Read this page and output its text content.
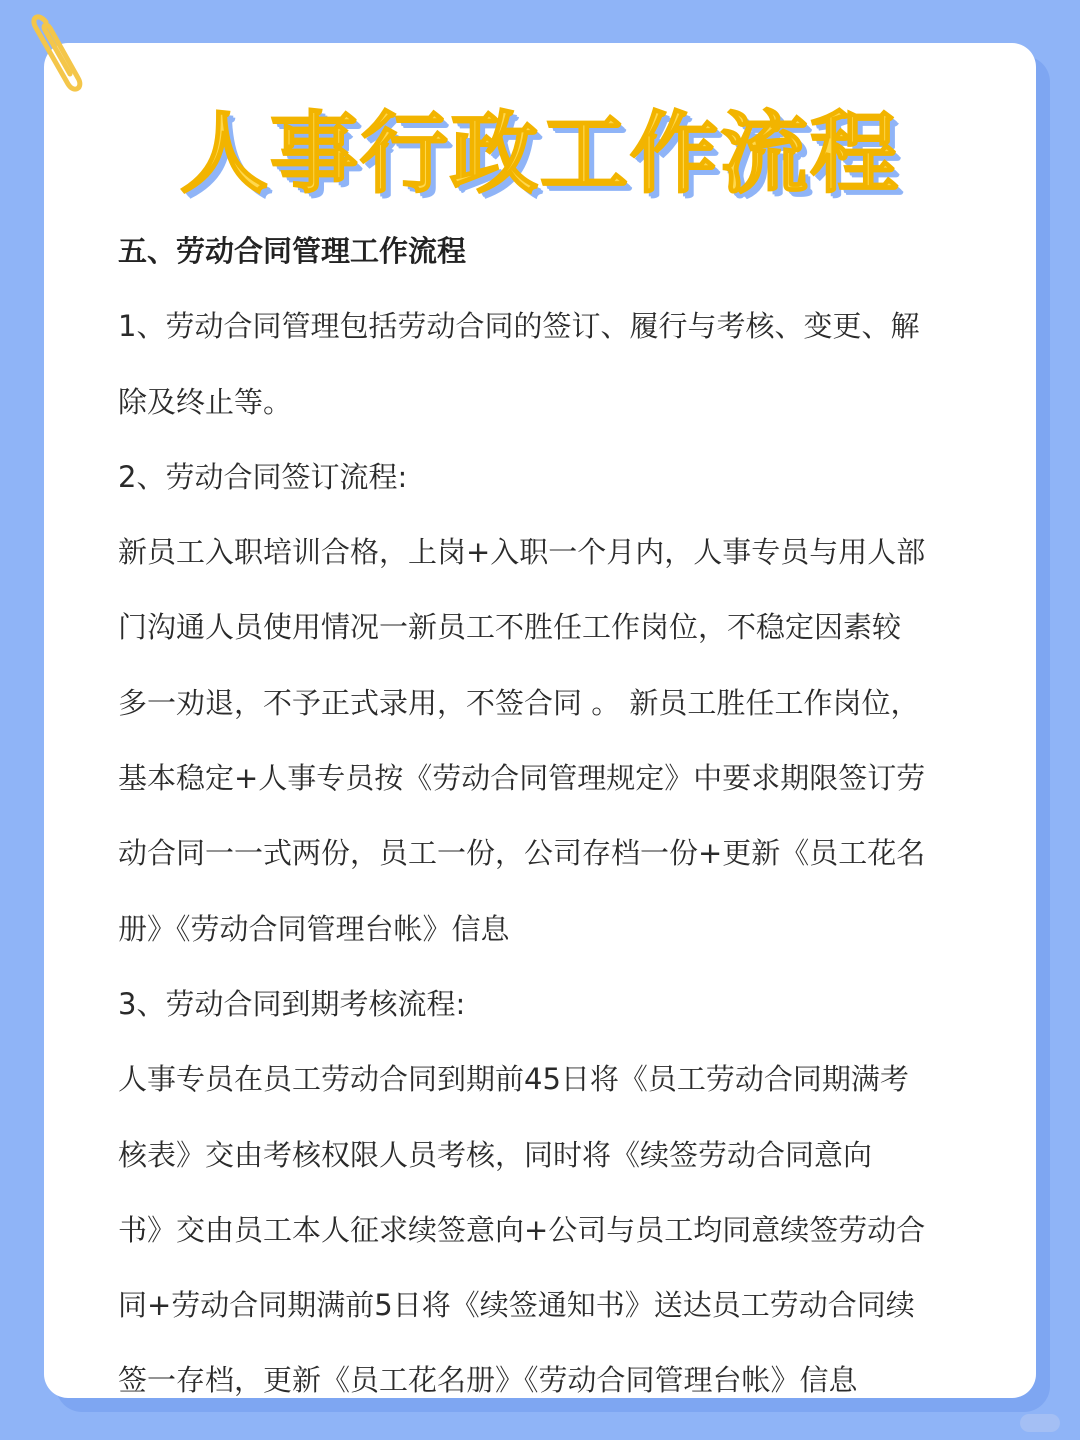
人事行政工作流程
五、劳动合同管理工作流程
1、劳动合同管理包括劳动合同的签订、履行与考核、变更、解
除及终止等。
2、劳动合同签订流程:
新员工入职培训合格，上岗+入职一个月内，人事专员与用人部
门沟通人员使用情况一新员工不胜任工作岗位，不稳定因素较
多一劝退，不予正式录用，不签合同 。 新员工胜任工作岗位，
基本稳定+人事专员按《劳动合同管理规定》中要求期限签订劳
动合同一一式两份，员工一份，公司存档一份+更新《员工花名
册》《劳动合同管理台帐》信息
3、劳动合同到期考核流程:
人事专员在员工劳动合同到期前45日将《员工劳动合同期满考
核表》交由考核权限人员考核，同时将《续签劳动合同意向
书》交由员工本人征求续签意向+公司与员工均同意续签劳动合
同+劳动合同期满前5日将《续签通知书》送达员工劳动合同续
签一存档，更新《员工花名册》《劳动合同管理台帐》信息
